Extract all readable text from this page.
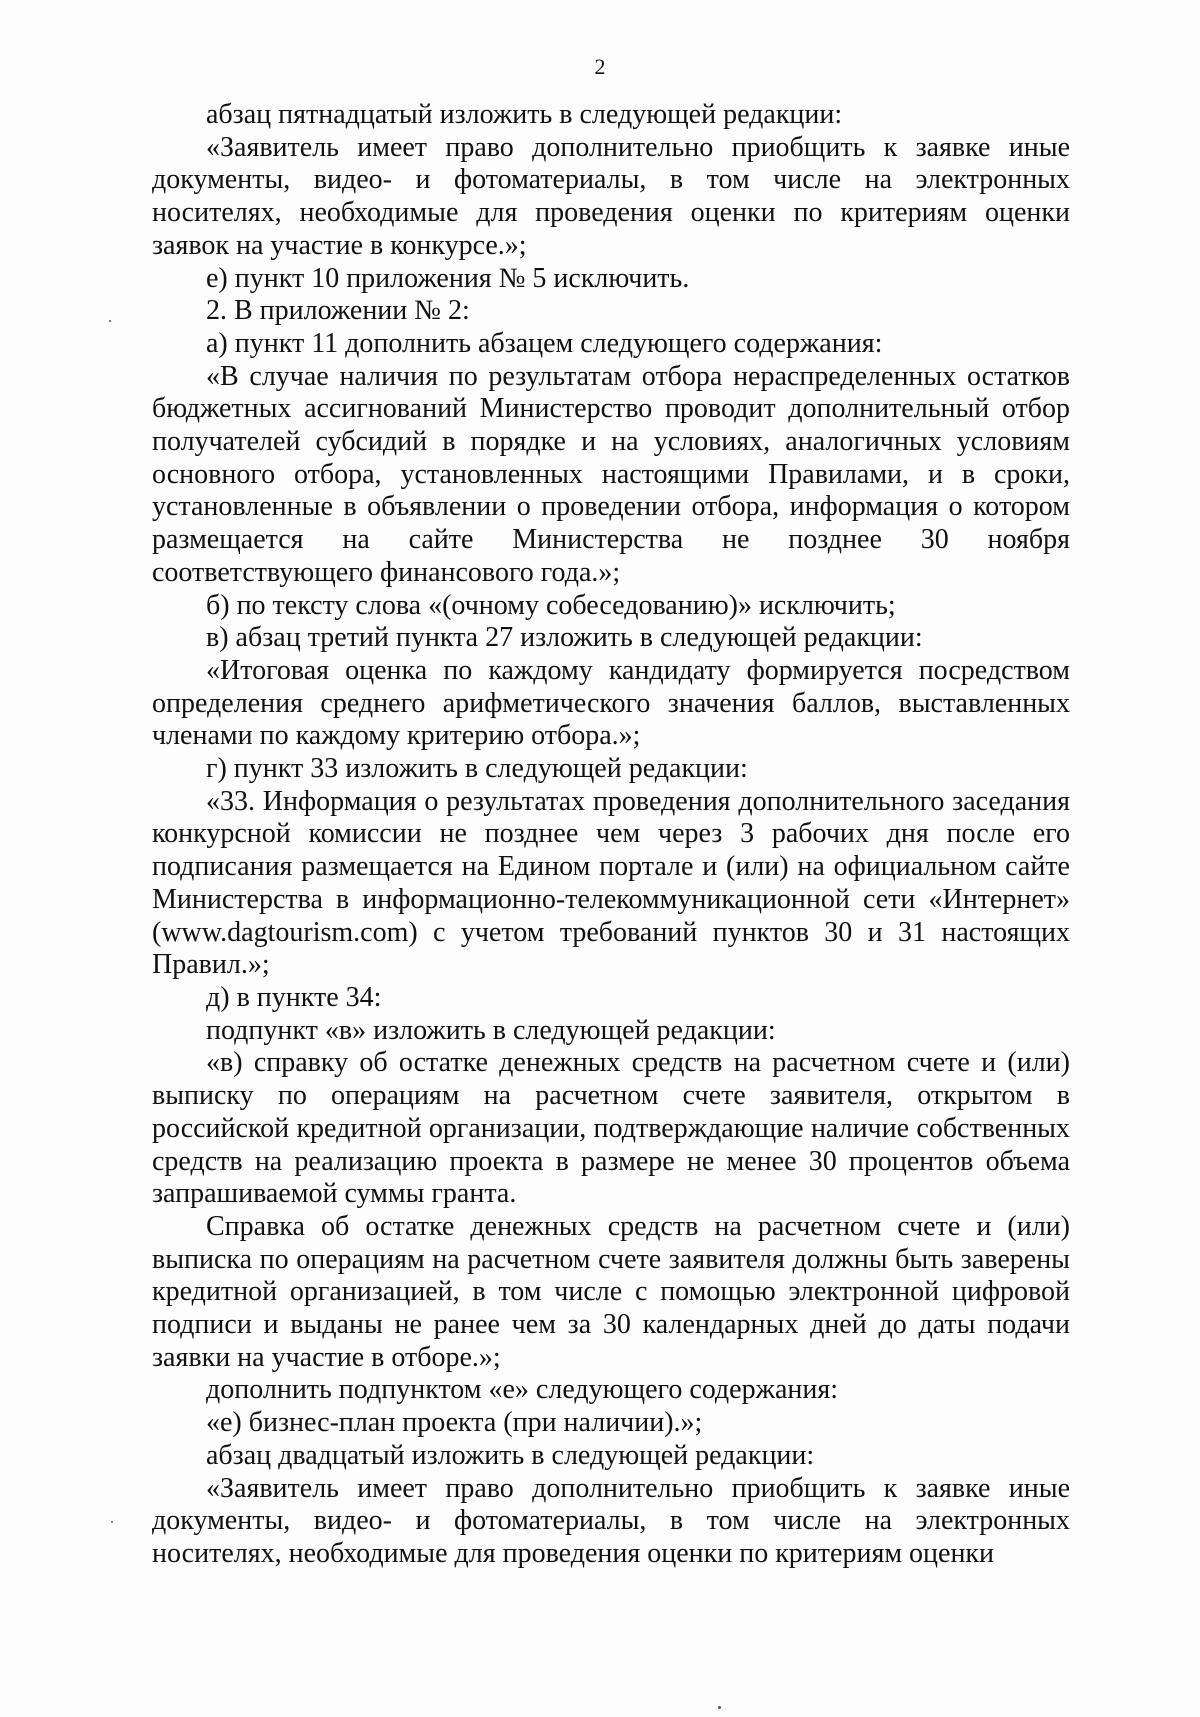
2

абзац пятнадцатый изложить в следующей редакции:

«Заявитель имеет право дополнительно приобщить к заявке иные документы, видео- и фотоматериалы, в том числе на электронных носителях, необходимые для проведения оценки по критериям оценки заявок на участие в конкурсе.»;

е) пункт 10 приложения № 5 исключить.

2. В приложении № 2:

а) пункт 11 дополнить абзацем следующего содержания:

«В случае наличия по результатам отбора нераспределенных остатков бюджетных ассигнований Министерство проводит дополнительный отбор получателей субсидий в порядке и на условиях, аналогичных условиям основного отбора, установленных настоящими Правилами, и в сроки, установленные в объявлении о проведении отбора, информация о котором размещается на сайте Министерства не позднее 30 ноября соответствующего финансового года.»;

б) по тексту слова «(очному собеседованию)» исключить;

в) абзац третий пункта 27 изложить в следующей редакции:

«Итоговая оценка по каждому кандидату формируется посредством определения среднего арифметического значения баллов, выставленных членами по каждому критерию отбора.»;

г) пункт 33 изложить в следующей редакции:

«33. Информация о результатах проведения дополнительного заседания конкурсной комиссии не позднее чем через 3 рабочих дня после его подписания размещается на Едином портале и (или) на официальном сайте Министерства в информационно-телекоммуникационной сети «Интернет» (www.dagtourism.com) с учетом требований пунктов 30 и 31 настоящих Правил.»;

д) в пункте 34:

подпункт «в» изложить в следующей редакции:

«в) справку об остатке денежных средств на расчетном счете и (или) выписку по операциям на расчетном счете заявителя, открытом в российской кредитной организации, подтверждающие наличие собственных средств на реализацию проекта в размере не менее 30 процентов объема запрашиваемой суммы гранта.

Справка об остатке денежных средств на расчетном счете и (или) выписка по операциям на расчетном счете заявителя должны быть заверены кредитной организацией, в том числе с помощью электронной цифровой подписи и выданы не ранее чем за 30 календарных дней до даты подачи заявки на участие в отборе.»;

дополнить подпунктом «е» следующего содержания:

«е) бизнес-план проекта (при наличии).»;

абзац двадцатый изложить в следующей редакции:

«Заявитель имеет право дополнительно приобщить к заявке иные документы, видео- и фотоматериалы, в том числе на электронных носителях, необходимые для проведения оценки по критериям оценки
